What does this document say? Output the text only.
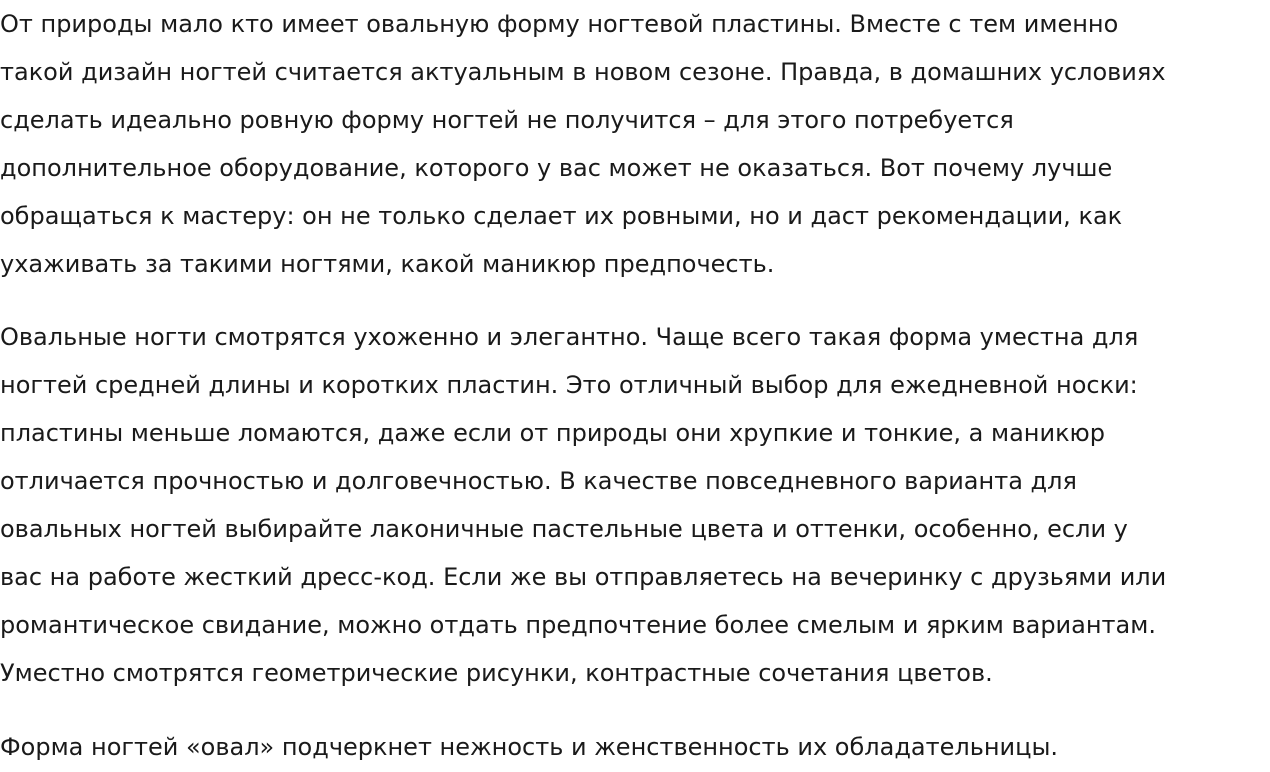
От природы мало кто имеет овальную форму ногтевой пластины. Вместе с тем именно
такой дизайн ногтей считается актуальным в новом сезоне. Правда, в домашних условиях
сделать идеально ровную форму ногтей не получится – для этого потребуется
дополнительное оборудование, которого у вас может не оказаться. Вот почему лучше
обращаться к мастеру: он не только сделает их ровными, но и даст рекомендации, как
ухаживать за такими ногтями, какой маникюр предпочесть.

Овальные ногти смотрятся ухоженно и элегантно. Чаще всего такая форма уместна для
ногтей средней длины и коротких пластин. Это отличный выбор для ежедневной носки:
пластины меньше ломаются, даже если от природы они хрупкие и тонкие, а маникюр
отличается прочностью и долговечностью. В качестве повседневного варианта для
овальных ногтей выбирайте лаконичные пастельные цвета и оттенки, особенно, если у
вас на работе жесткий дресс-код. Если же вы отправляетесь на вечеринку с друзьями или
романтическое свидание, можно отдать предпочтение более смелым и ярким вариантам.
Уместно смотрятся геометрические рисунки, контрастные сочетания цветов.

Форма ногтей «овал» подчеркнет нежность и женственность их обладательницы.
